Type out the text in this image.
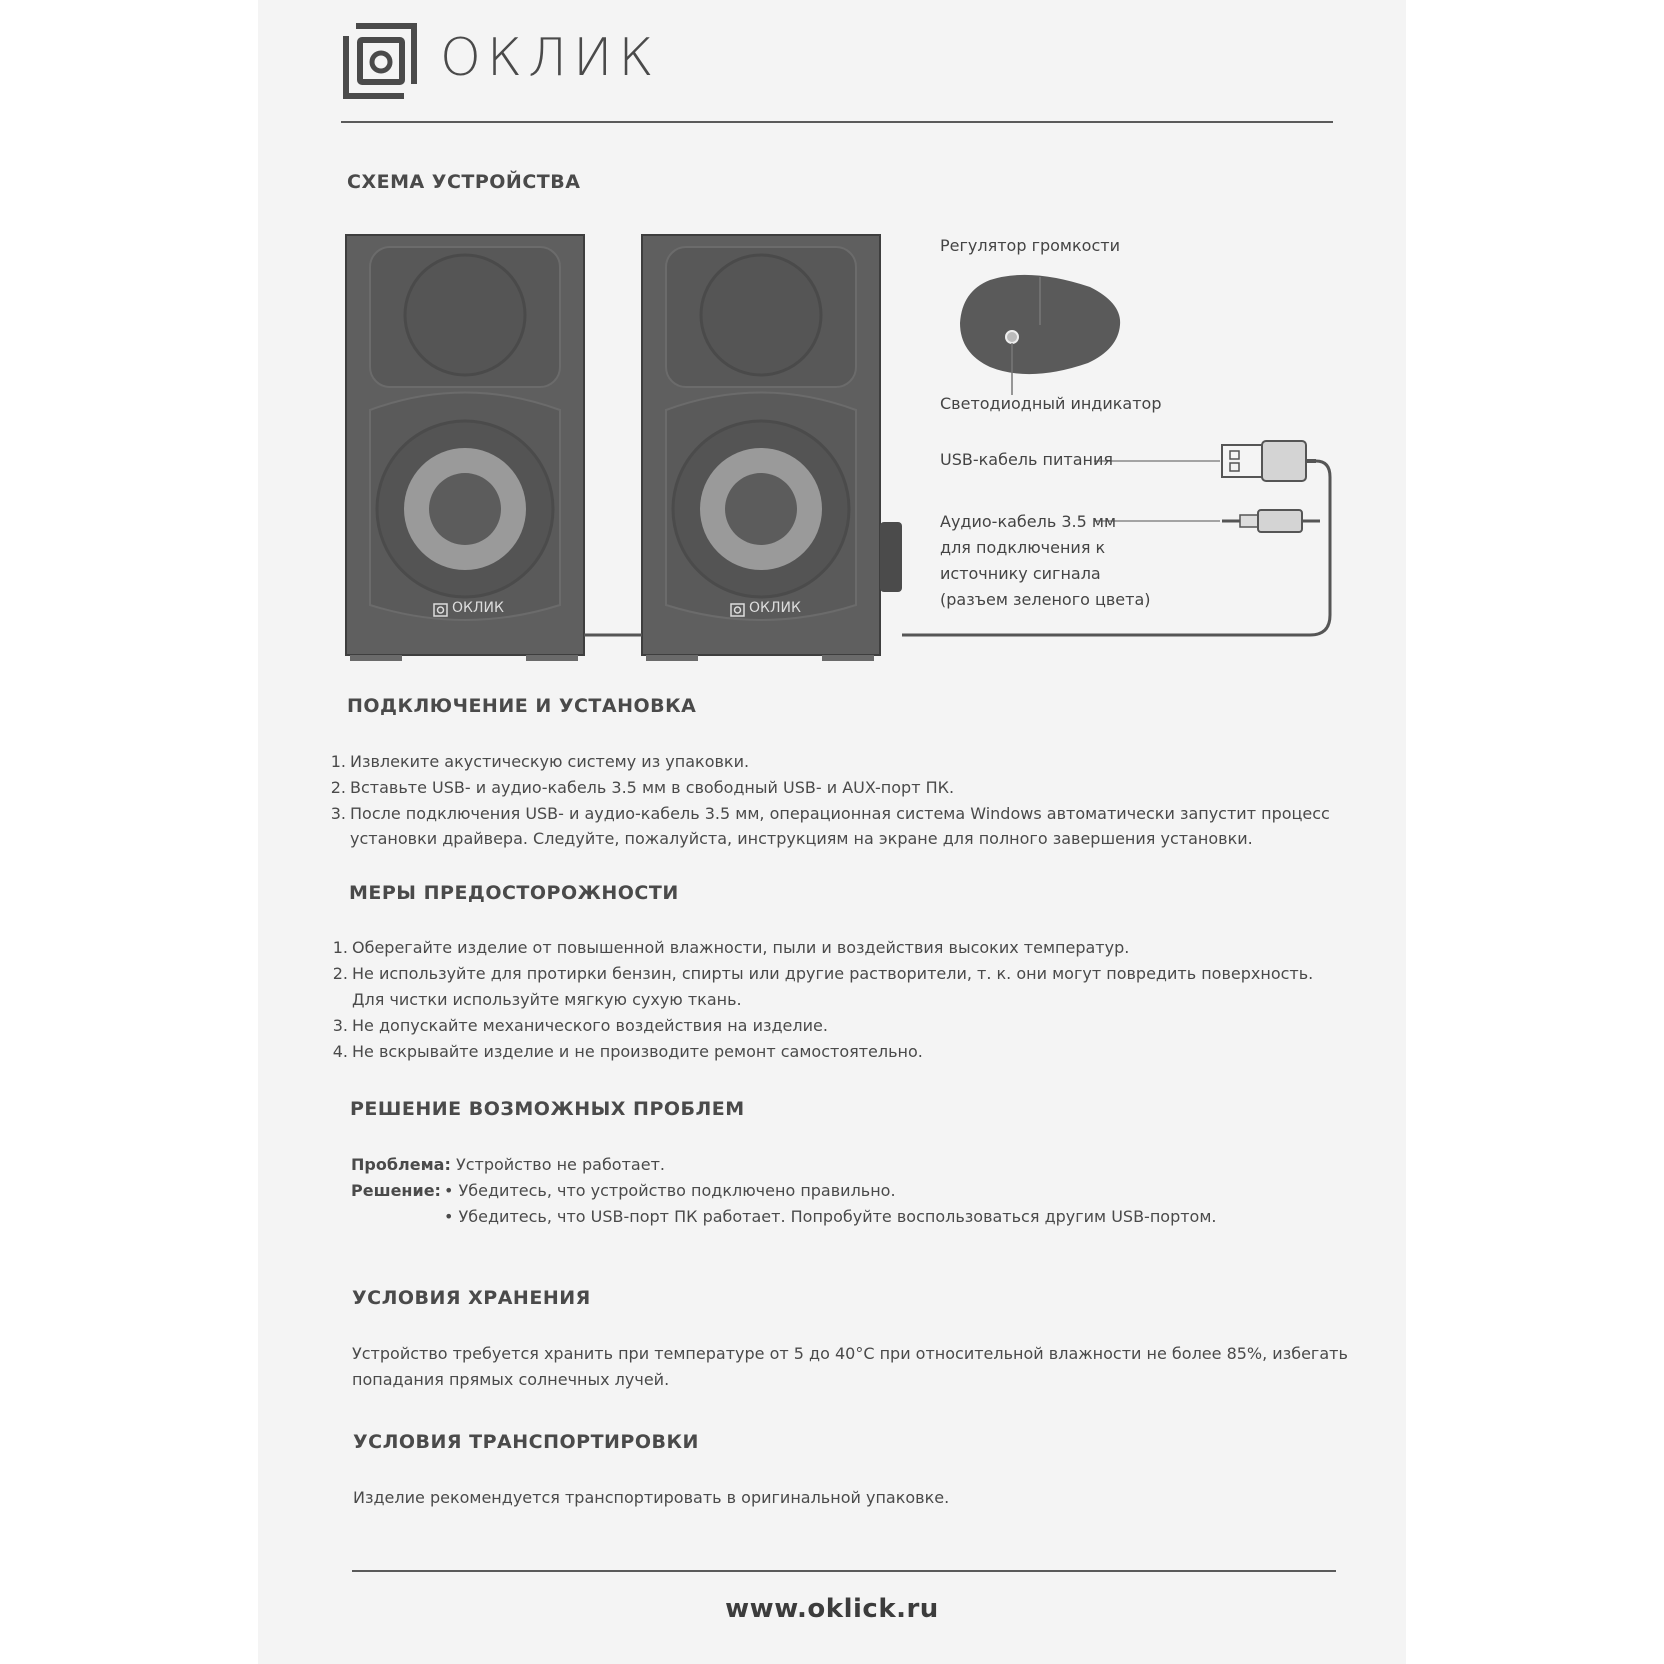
ОКЛИК
СХЕМА УСТРОЙСТВА
ОКЛИК	ОКЛИК
Регулятор громкости
Светодиодный индикатор
USB-кабель питания
Аудио-кабель 3.5 мм
для подключения к
источнику сигнала
(разъем зеленого цвета)
ПОДКЛЮЧЕНИЕ И УСТАНОВКА
1. Извлеките акустическую систему из упаковки.
2. Вставьте USB- и аудио-кабель 3.5 мм в свободный USB- и AUX-порт ПК.
3. После подключения USB- и аудио-кабель 3.5 мм, операционная система Windows автоматически запустит процесс
установки драйвера. Следуйте, пожалуйста, инструкциям на экране для полного завершения установки.
МЕРЫ ПРЕДОСТОРОЖНОСТИ
1. Оберегайте изделие от повышенной влажности, пыли и воздействия высоких температур.
2. Не используйте для протирки бензин, спирты или другие растворители, т. к. они могут повредить поверхность.
Для чистки используйте мягкую сухую ткань.
3. Не допускайте механического воздействия на изделие.
4. Не вскрывайте изделие и не производите ремонт самостоятельно.
РЕШЕНИЕ ВОЗМОЖНЫХ ПРОБЛЕМ
Проблема: Устройство не работает.
Решение: • Убедитесь, что устройство подключено правильно.
• Убедитесь, что USB-порт ПК работает. Попробуйте воспользоваться другим USB-портом.
УСЛОВИЯ ХРАНЕНИЯ
Устройство требуется хранить при температуре от 5 до 40°С при относительной влажности не более 85%, избегать
попадания прямых солнечных лучей.
УСЛОВИЯ ТРАНСПОРТИРОВКИ
Изделие рекомендуется транспортировать в оригинальной упаковке.
www.oklick.ru
